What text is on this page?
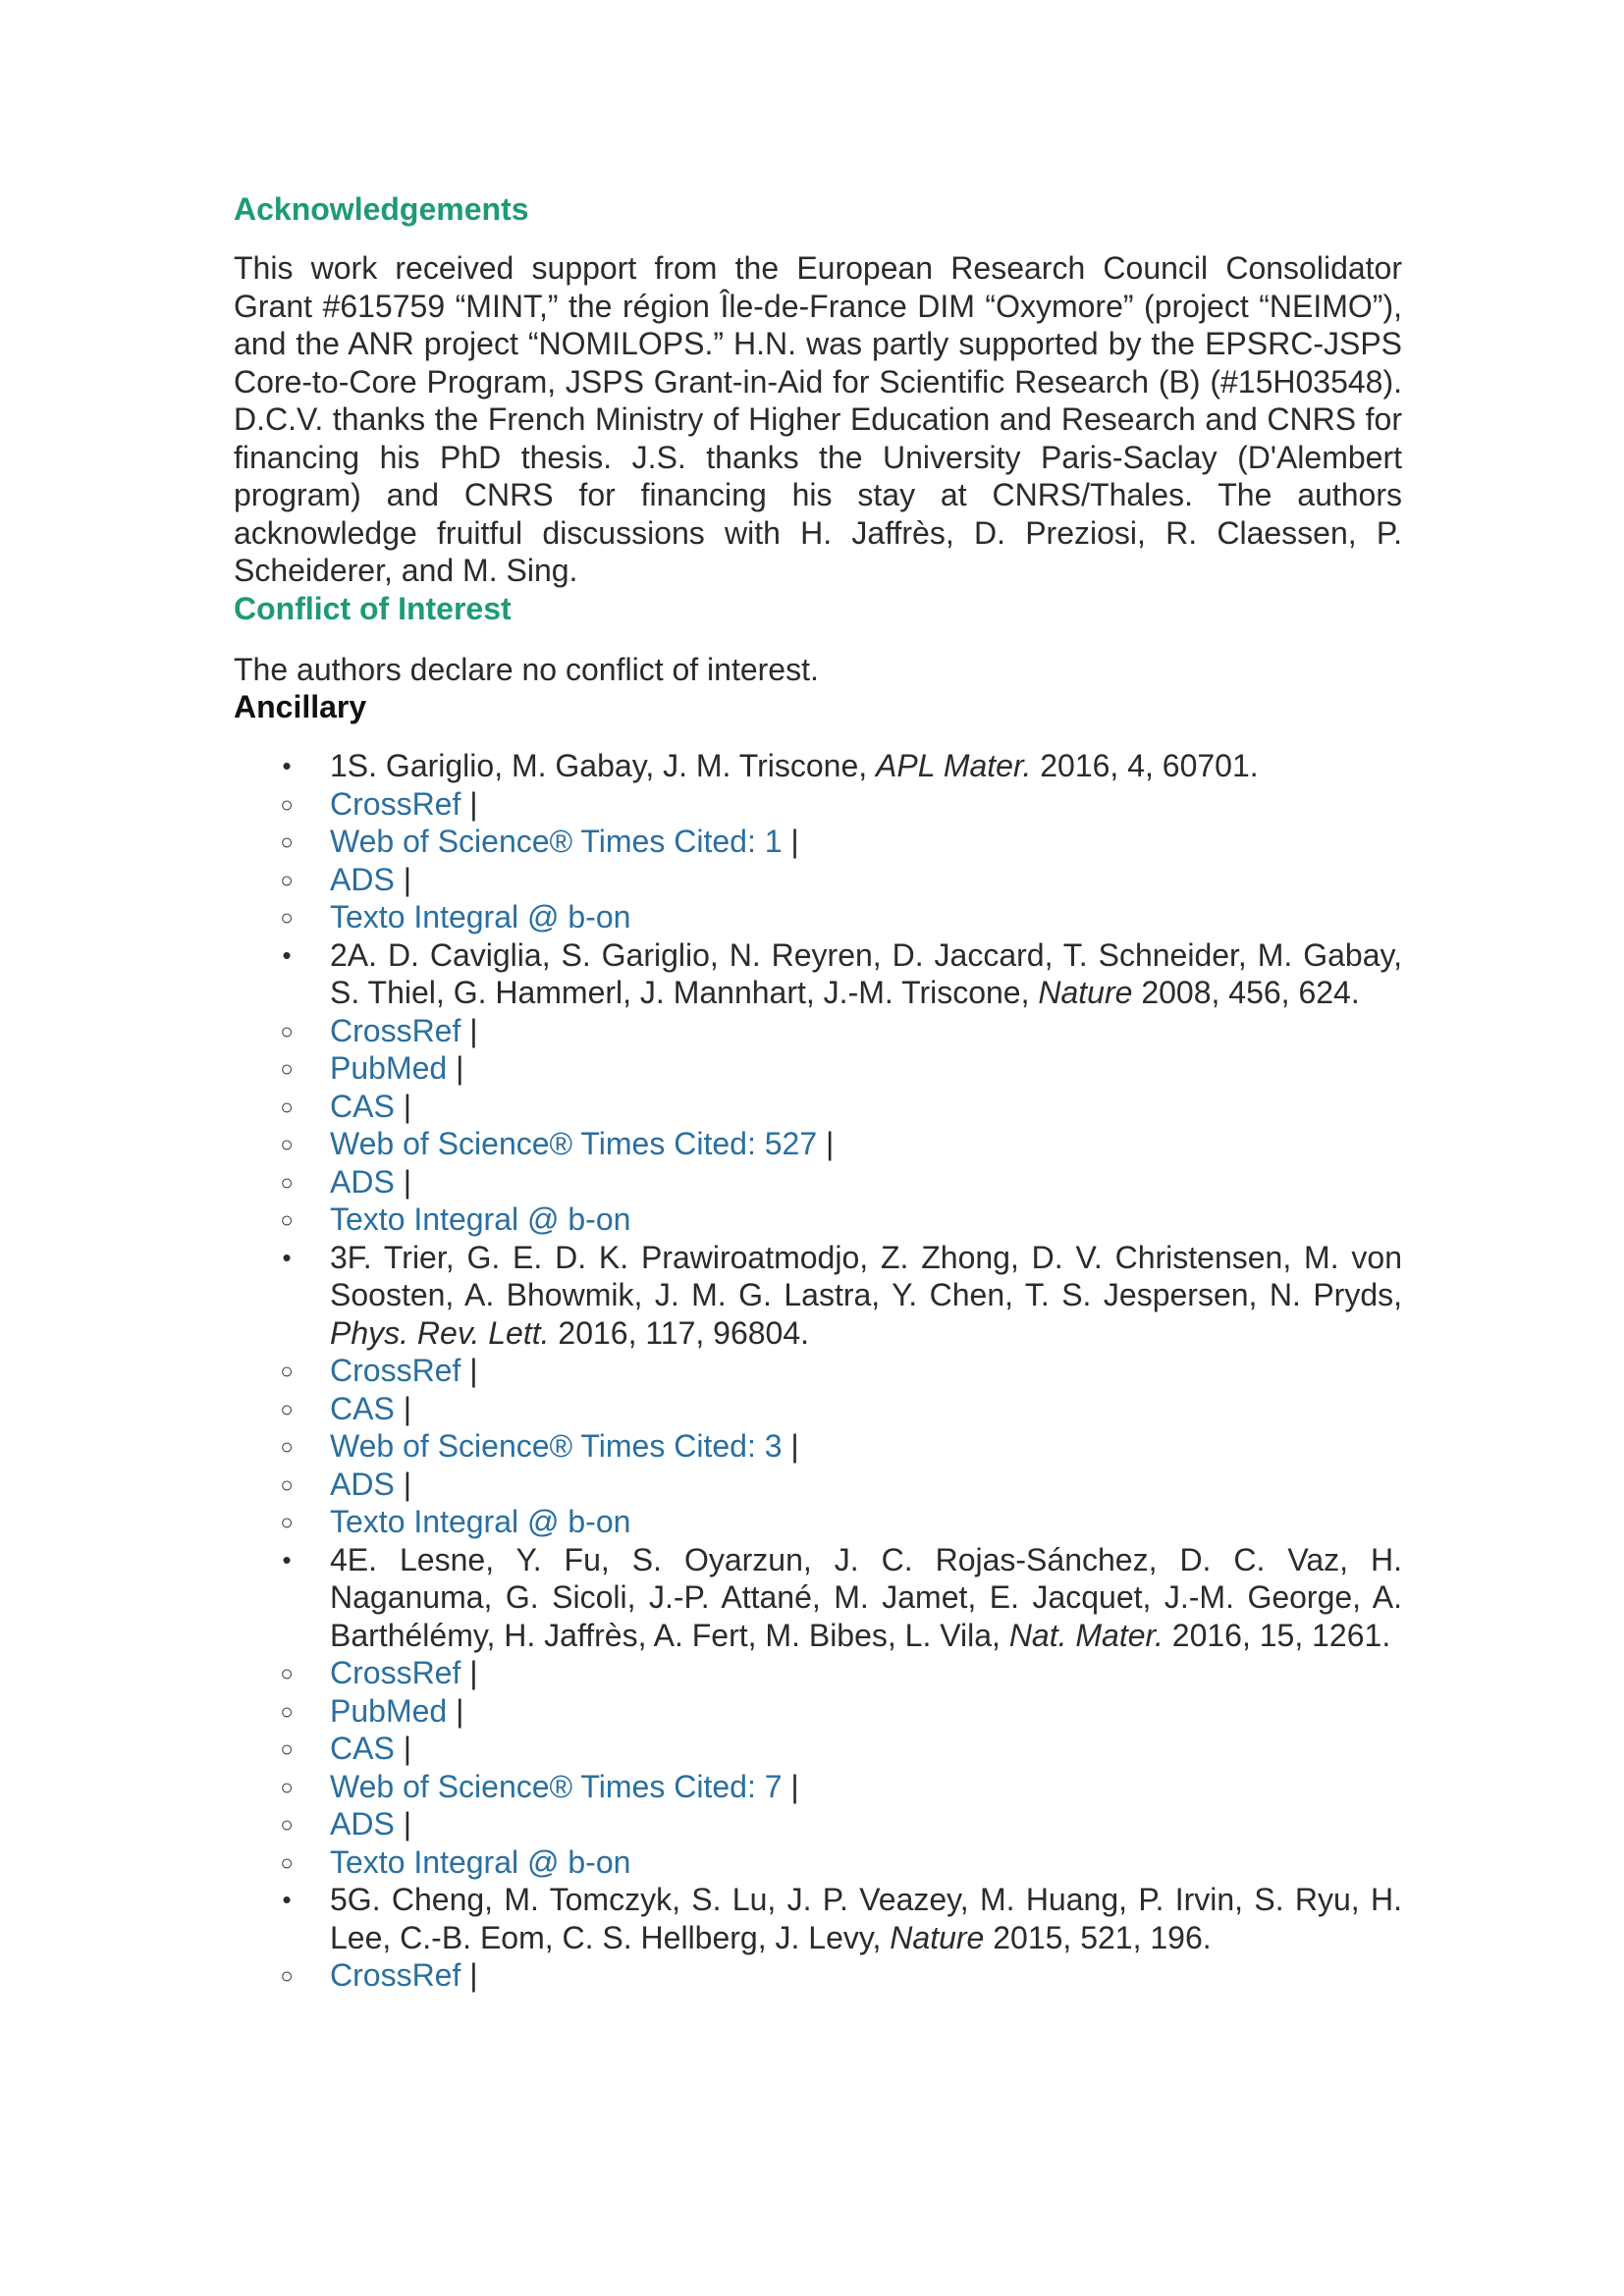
Acknowledgements

This work received support from the European Research Council Consolidator Grant #615759 “MINT,” the région Île-de-France DIM “Oxymore” (project “NEIMO”), and the ANR project “NOMILOPS.” H.N. was partly supported by the EPSRC-JSPS Core-to-Core Program, JSPS Grant-in-Aid for Scientific Research (B) (#15H03548). D.C.V. thanks the French Ministry of Higher Education and Research and CNRS for financing his PhD thesis. J.S. thanks the University Paris-Saclay (D'Alembert program) and CNRS for financing his stay at CNRS/Thales. The authors acknowledge fruitful discussions with H. Jaffrès, D. Preziosi, R. Claessen, P. Scheiderer, and M. Sing.

Conflict of Interest

The authors declare no conflict of interest.

Ancillary
• 1S. Gariglio, M. Gabay, J. M. Triscone, APL Mater. 2016, 4, 60701.
○ CrossRef |
○ Web of Science® Times Cited: 1 |
○ ADS |
○ Texto Integral @ b-on
• 2A. D. Caviglia, S. Gariglio, N. Reyren, D. Jaccard, T. Schneider, M. Gabay, S. Thiel, G. Hammerl, J. Mannhart, J.-M. Triscone, Nature 2008, 456, 624.
○ CrossRef |
○ PubMed |
○ CAS |
○ Web of Science® Times Cited: 527 |
○ ADS |
○ Texto Integral @ b-on
• 3F. Trier, G. E. D. K. Prawiroatmodjo, Z. Zhong, D. V. Christensen, M. von Soosten, A. Bhowmik, J. M. G. Lastra, Y. Chen, T. S. Jespersen, N. Pryds, Phys. Rev. Lett. 2016, 117, 96804.
○ CrossRef |
○ CAS |
○ Web of Science® Times Cited: 3 |
○ ADS |
○ Texto Integral @ b-on
• 4E. Lesne, Y. Fu, S. Oyarzun, J. C. Rojas-Sánchez, D. C. Vaz, H. Naganuma, G. Sicoli, J.-P. Attané, M. Jamet, E. Jacquet, J.-M. George, A. Barthélémy, H. Jaffrès, A. Fert, M. Bibes, L. Vila, Nat. Mater. 2016, 15, 1261.
○ CrossRef |
○ PubMed |
○ CAS |
○ Web of Science® Times Cited: 7 |
○ ADS |
○ Texto Integral @ b-on
• 5G. Cheng, M. Tomczyk, S. Lu, J. P. Veazey, M. Huang, P. Irvin, S. Ryu, H. Lee, C.-B. Eom, C. S. Hellberg, J. Levy, Nature 2015, 521, 196.
○ CrossRef |
